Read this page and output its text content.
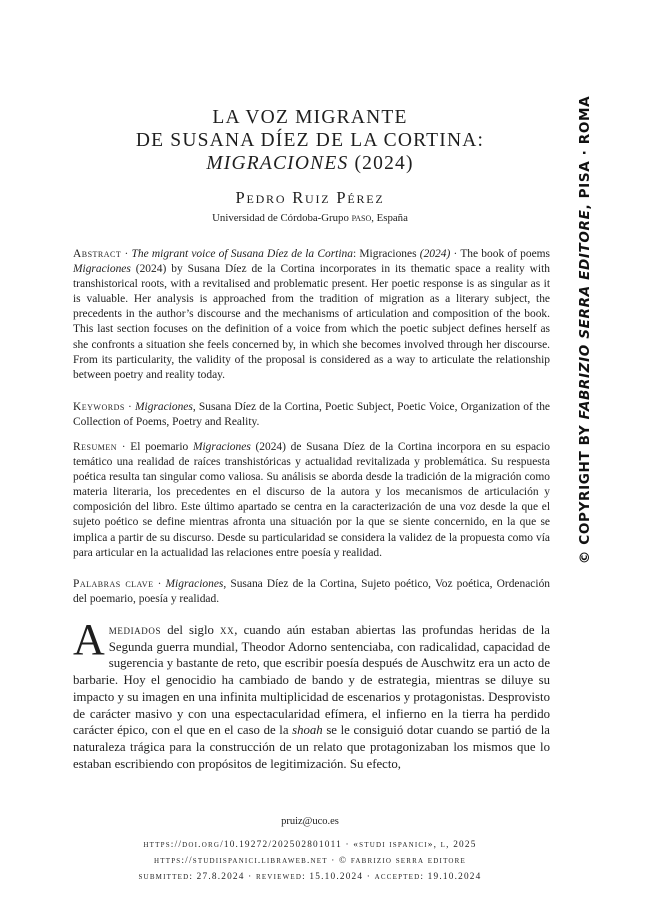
LA VOZ MIGRANTE
DE SUSANA DÍEZ DE LA CORTINA:
MIGRACIONES (2024)
Pedro Ruiz Pérez
Universidad de Córdoba-Grupo paso, España
Abstract · The migrant voice of Susana Díez de la Cortina: Migraciones (2024) · The book of poems Migraciones (2024) by Susana Díez de la Cortina incorporates in its thematic space a reality with transhistorical roots, with a revitalised and problematic present. Her poetic response is as singular as it is valuable. Her analysis is approached from the tradition of migration as a literary subject, the precedents in the author’s discourse and the mechanisms of articulation and composition of the book. This last section focuses on the definition of a voice from which the poetic subject defines herself as she confronts a situation she feels concerned by, in which she becomes involved through her discourse. From its particularity, the validity of the proposal is considered as a way to articulate the relationship between poetry and reality today.
Keywords · Migraciones, Susana Díez de la Cortina, Poetic Subject, Poetic Voice, Organization of the Collection of Poems, Poetry and Reality.
Resumen · El poemario Migraciones (2024) de Susana Díez de la Cortina incorpora en su espacio temático una realidad de raíces transhistóricas y actualidad revitalizada y problemática. Su respuesta poética resulta tan singular como valiosa. Su análisis se aborda desde la tradición de la migración como materia literaria, los precedentes en el discurso de la autora y los mecanismos de articulación y composición del libro. Este último apartado se centra en la caracterización de una voz desde la que el sujeto poético se define mientras afronta una situación por la que se siente concernido, en la que se implica a partir de su discurso. Desde su particularidad se considera la validez de la propuesta como vía para articular en la actualidad las relaciones entre poesía y realidad.
Palabras clave · Migraciones, Susana Díez de la Cortina, Sujeto poético, Voz poética, Ordenación del poemario, poesía y realidad.
Amediados del siglo xx, cuando aún estaban abiertas las profundas heridas de la Segunda guerra mundial, Theodor Adorno sentenciaba, con radicalidad, capacidad de sugerencia y bastante de reto, que escribir poesía después de Auschwitz era un acto de barbarie. Hoy el genocidio ha cambiado de bando y de estrategia, mientras se diluye su impacto y su imagen en una infinita multiplicidad de escenarios y protagonistas. Desprovisto de carácter masivo y con una espectacularidad efímera, el infierno en la tierra ha perdido carácter épico, con el que en el caso de la shoah se le consiguió dotar cuando se partió de la naturaleza trágica para la construcción de un relato que protagonizaban los mismos que lo estaban escribiendo con propósitos de legitimización. Su efecto,
pruiz@uco.es
https://doi.org/10.19272/202502801011 · «studi ispanici», l, 2025
https://studiispanici.libraweb.net · © fabrizio serra editore
submitted: 27.8.2024 · reviewed: 15.10.2024 · accepted: 19.10.2024
© COPYRIGHT BY FABRIZIO SERRA EDITORE, PISA · ROMA
